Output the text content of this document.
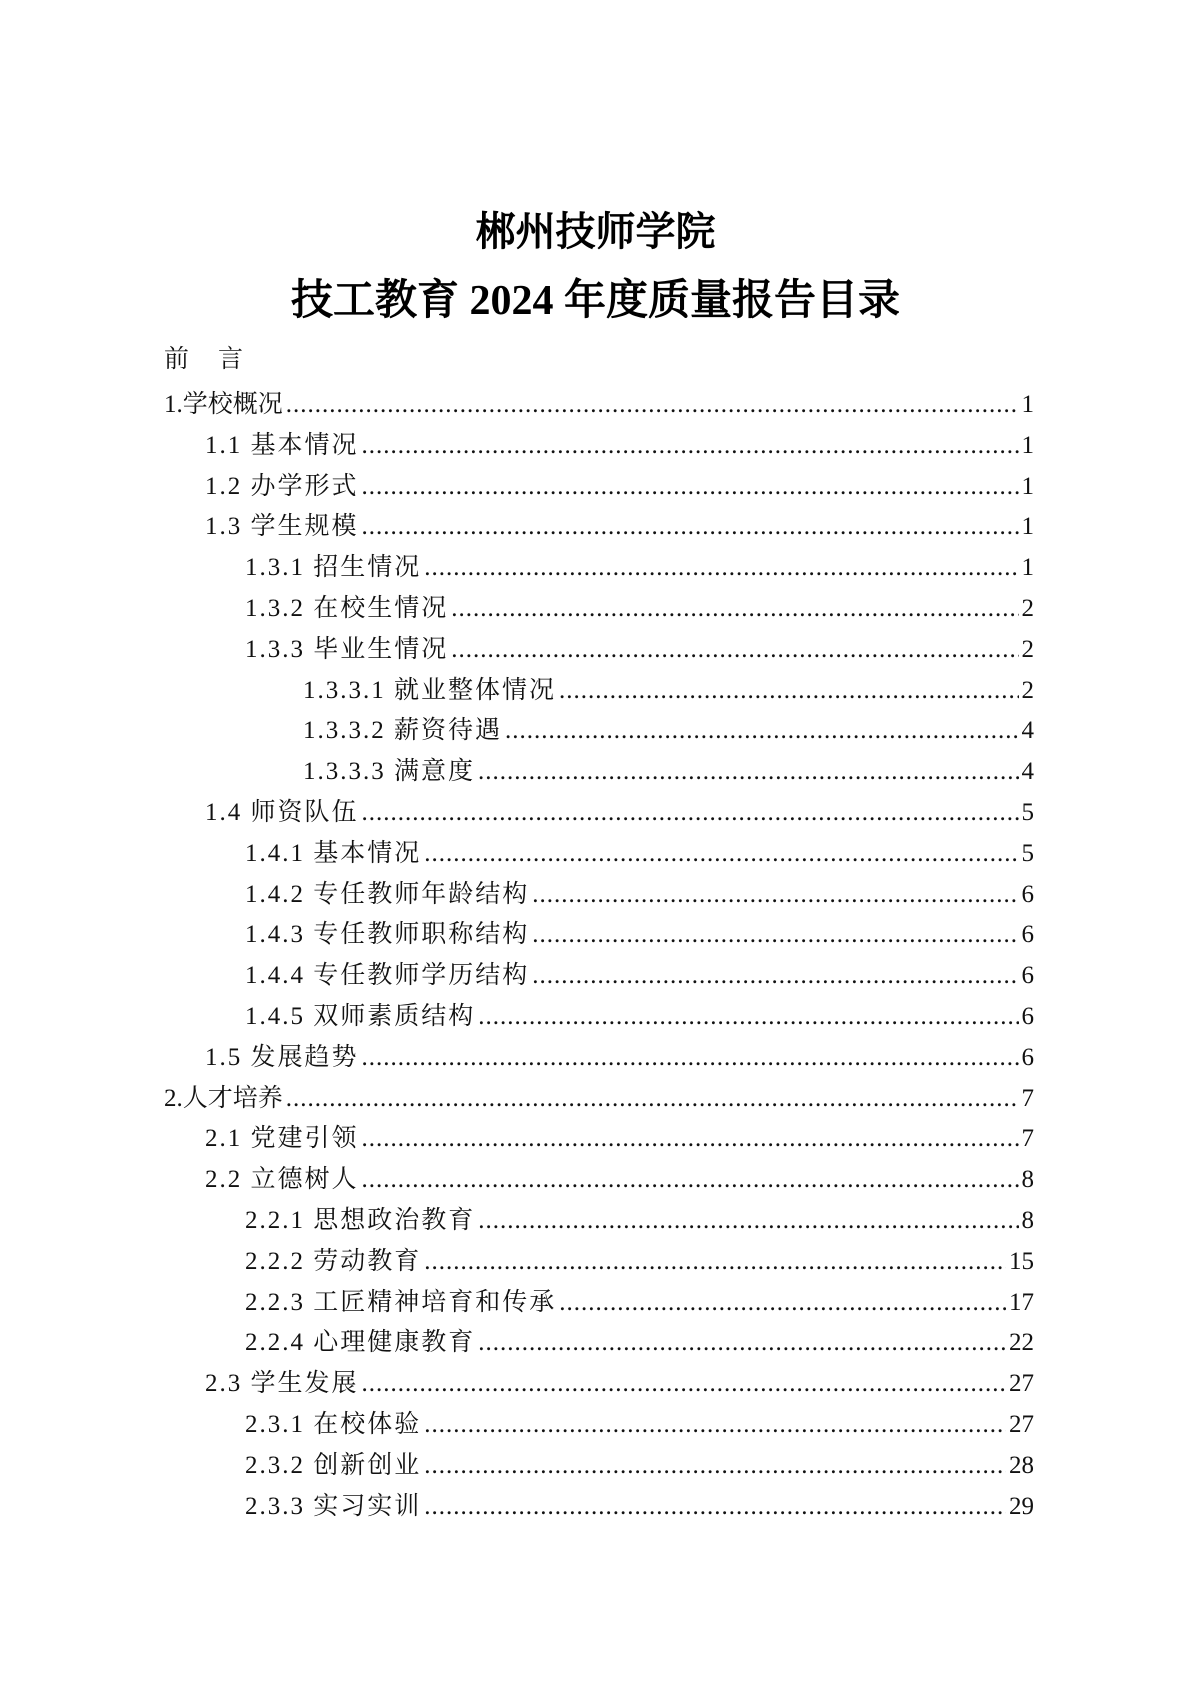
郴州技师学院
技工教育 2024 年度质量报告目录
前　言
1.学校概况 .....	1
1.1 基本情况 .....	1
1.2 办学形式 .....	1
1.3 学生规模 .....	1
1.3.1 招生情况 .....	1
1.3.2 在校生情况 .....	2
1.3.3 毕业生情况 .....	2
1.3.3.1 就业整体情况 .....	2
1.3.3.2 薪资待遇 .....	4
1.3.3.3 满意度 .....	4
1.4 师资队伍 .....	5
1.4.1 基本情况 .....	5
1.4.2 专任教师年龄结构 .....	6
1.4.3 专任教师职称结构 .....	6
1.4.4 专任教师学历结构 .....	6
1.4.5 双师素质结构 .....	6
1.5 发展趋势 .....	6
2.人才培养 .....	7
2.1 党建引领 .....	7
2.2 立德树人 .....	8
2.2.1 思想政治教育 .....	8
2.2.2 劳动教育 .....	15
2.2.3 工匠精神培育和传承 .....	17
2.2.4 心理健康教育 .....	22
2.3 学生发展 .....	27
2.3.1 在校体验 .....	27
2.3.2 创新创业 .....	28
2.3.3 实习实训 .....	29
